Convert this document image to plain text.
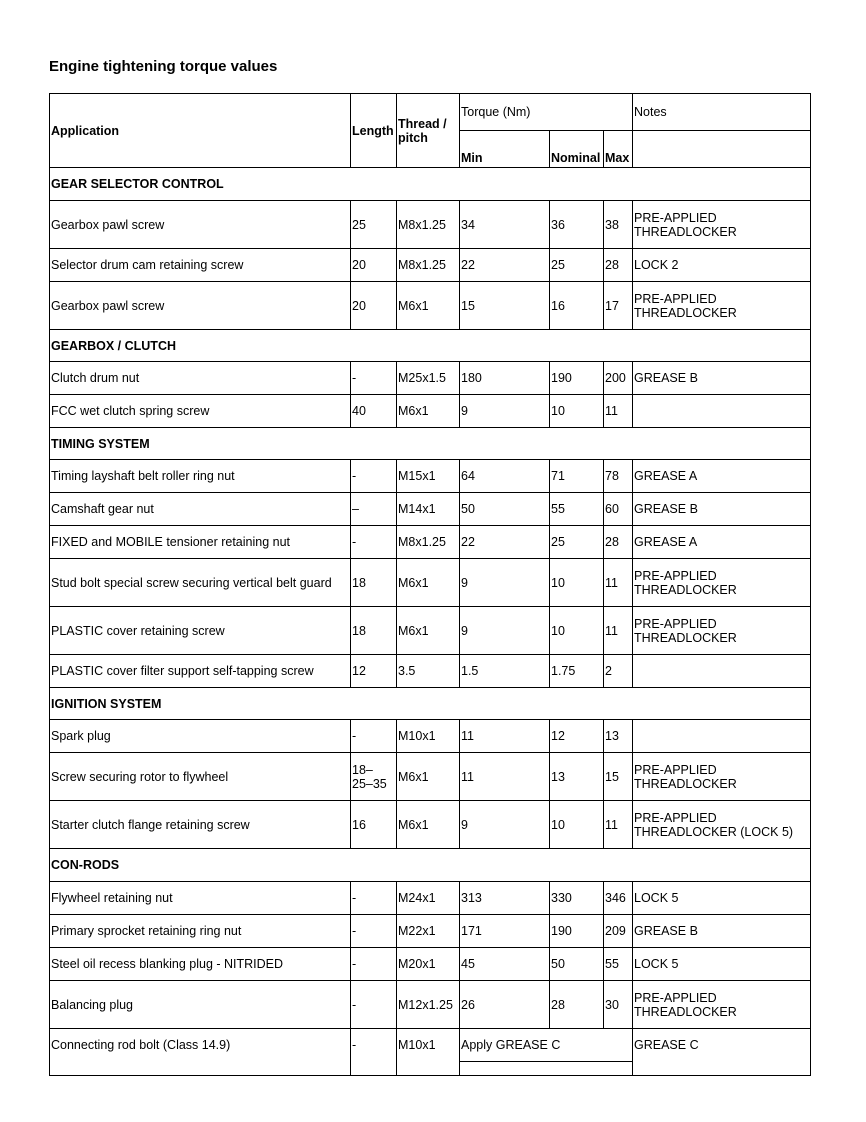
Engine tightening torque values
Application	Length	Thread / pitch	Torque (Nm)			Notes
			Min	Nominal	Max	
GEAR SELECTOR CONTROL						
Gearbox pawl screw	25	M8x1.25	34	36	38	PRE-APPLIED THREADLOCKER
Selector drum cam retaining screw	20	M8x1.25	22	25	28	LOCK 2
Gearbox pawl screw	20	M6x1	15	16	17	PRE-APPLIED THREADLOCKER
GEARBOX / CLUTCH						
Clutch drum nut	-	M25x1.5	180	190	200	GREASE B
FCC wet clutch spring screw	40	M6x1	9	10	11	
TIMING SYSTEM						
Timing layshaft belt roller ring nut	-	M15x1	64	71	78	GREASE A
Camshaft gear nut	–	M14x1	50	55	60	GREASE B
FIXED and MOBILE tensioner retaining nut	-	M8x1.25	22	25	28	GREASE A
Stud bolt special screw securing vertical belt guard	18	M6x1	9	10	11	PRE-APPLIED THREADLOCKER
PLASTIC cover retaining screw	18	M6x1	9	10	11	PRE-APPLIED THREADLOCKER
PLASTIC cover filter support self-tapping screw	12	3.5	1.5	1.75	2	
IGNITION SYSTEM						
Spark plug	-	M10x1	11	12	13	
Screw securing rotor to flywheel	18– 25–35	M6x1	11	13	15	PRE-APPLIED THREADLOCKER
Starter clutch flange retaining screw	16	M6x1	9	10	11	PRE-APPLIED THREADLOCKER (LOCK 5)
CON-RODS						
Flywheel retaining nut	-	M24x1	313	330	346	LOCK 5
Primary sprocket retaining ring nut	-	M22x1	171	190	209	GREASE B
Steel oil recess blanking plug - NITRIDED	-	M20x1	45	50	55	LOCK 5
Balancing plug	-	M12x1.25	26	28	30	PRE-APPLIED THREADLOCKER
Connecting rod bolt (Class 14.9)	-	M10x1	Apply GREASE C			GREASE C
